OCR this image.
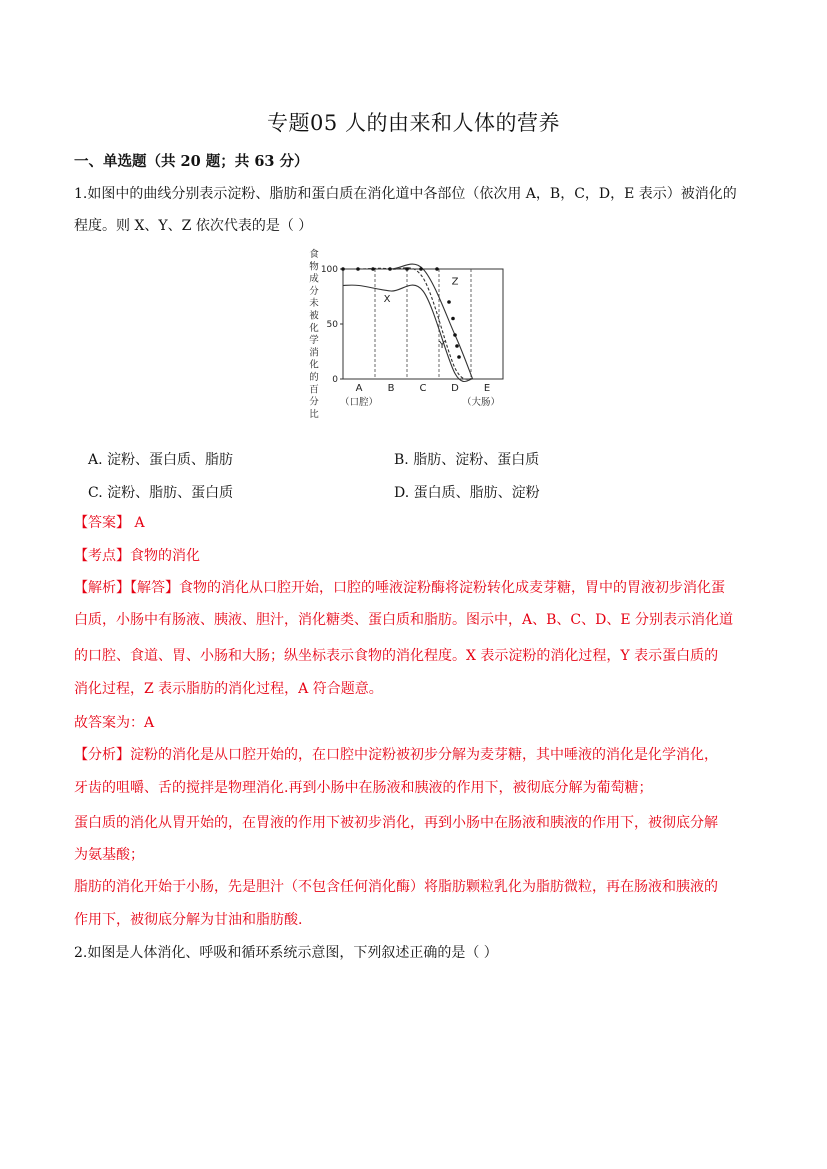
专题05 人的由来和人体的营养
一、单选题（共 20 题；共 63 分）
1.如图中的曲线分别表示淀粉、脂肪和蛋白质在消化道中各部位（依次用 A，B，C，D，E 表示）被消化的
程度。则 X、Y、Z 依次代表的是（ ）
食
物
成
分
未
被
化
学
消
化
的
百
分
比
100
50
0
A	B	C D E
（口腔）	（大肠）
X
Y
Z
A. 淀粉、蛋白质、脂肪	B. 脂肪、淀粉、蛋白质
C. 淀粉、脂肪、蛋白质	D. 蛋白质、脂肪、淀粉
【答案】 A
【考点】食物的消化
【解析】【解答】食物的消化从口腔开始，口腔的唾液淀粉酶将淀粉转化成麦芽糖，胃中的胃液初步消化蛋
白质，小肠中有肠液、胰液、胆汁，消化糖类、蛋白质和脂肪。图示中，A、B、C、D、E 分别表示消化道
的口腔、食道、胃、小肠和大肠；纵坐标表示食物的消化程度。X 表示淀粉的消化过程，Y 表示蛋白质的
消化过程，Z 表示脂肪的消化过程，A 符合题意。
故答案为：A
【分析】淀粉的消化是从口腔开始的，在口腔中淀粉被初步分解为麦芽糖，其中唾液的消化是化学消化，
牙齿的咀嚼、舌的搅拌是物理消化.再到小肠中在肠液和胰液的作用下，被彻底分解为葡萄糖；
蛋白质的消化从胃开始的，在胃液的作用下被初步消化，再到小肠中在肠液和胰液的作用下，被彻底分解
为氨基酸；
脂肪的消化开始于小肠，先是胆汁（不包含任何消化酶）将脂肪颗粒乳化为脂肪微粒，再在肠液和胰液的
作用下，被彻底分解为甘油和脂肪酸.
2.如图是人体消化、呼吸和循环系统示意图，下列叙述正确的是（ ）
